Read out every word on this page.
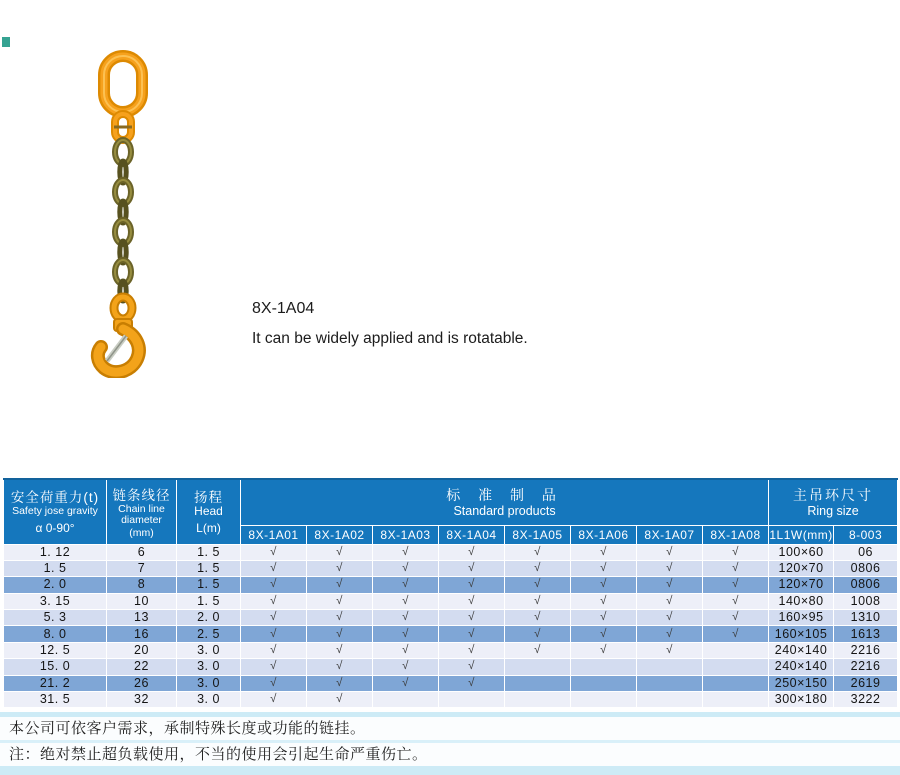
8X-1A04
It can be widely applied and is rotatable.
安全荷重力(t)
Safety jose gravity
α 0-90°

链条线径
Chain line
diameter
(mm)

扬程
Head
L(m)

标 准 制 品
Standard products

主吊环尺寸
Ring size

			8X-1A01	8X-1A02	8X-1A03	8X-1A04	8X-1A05	8X-1A06	8X-1A07	8X-1A08	1L1W(mm)	8-003
1. 12	6	1. 5	√	√	√	√	√	√	√	√	100×60	06
1. 5	7	1. 5	√	√	√	√	√	√	√	√	120×70	0806
2. 0	8	1. 5	√	√	√	√	√	√	√	√	120×70	0806
3. 15	10	1. 5	√	√	√	√	√	√	√	√	140×80	1008
5. 3	13	2. 0	√	√	√	√	√	√	√	√	160×95	1310
8. 0	16	2. 5	√	√	√	√	√	√	√	√	160×105	1613
12. 5	20	3. 0	√	√	√	√	√	√	√		240×140	2216
15. 0	22	3. 0	√	√	√	√					240×140	2216
21. 2	26	3. 0	√	√	√	√					250×150	2619
31. 5	32	3. 0	√	√							300×180	3222
本公司可依客户需求，承制特殊长度或功能的链挂。
注：绝对禁止超负载使用，不当的使用会引起生命严重伤亡。
